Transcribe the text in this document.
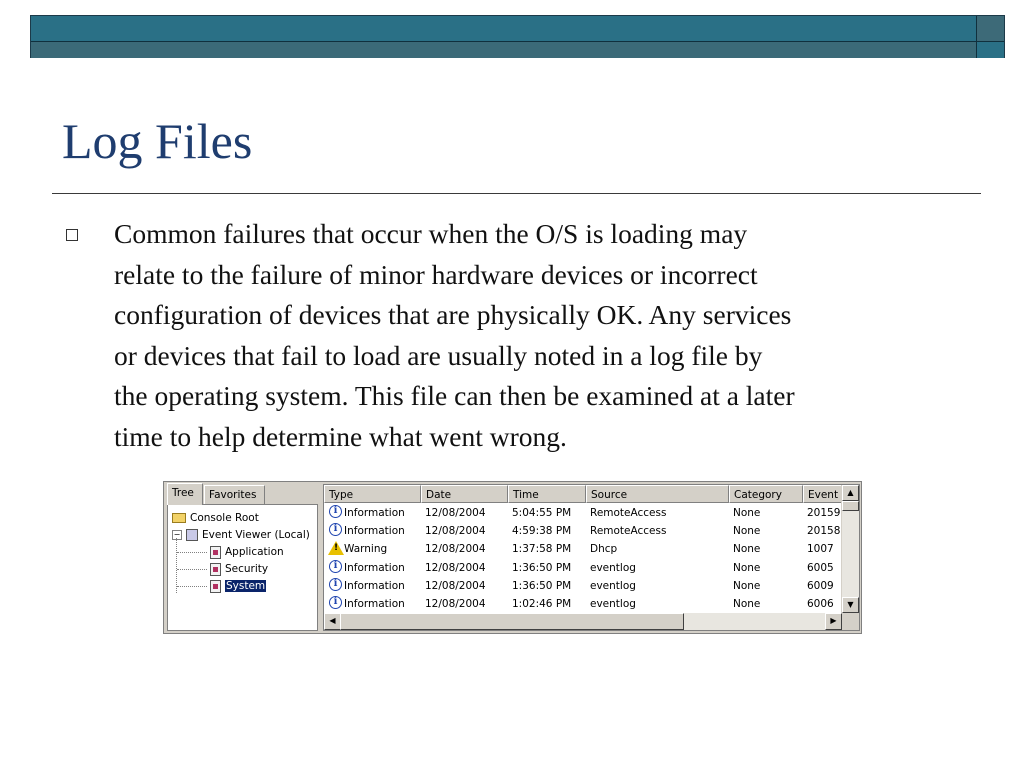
Log Files
Common failures that occur when the O/S is loading may
relate to the failure of minor hardware devices or incorrect
configuration of devices that are physically OK. Any services
or devices that fail to load are usually noted in a log file by
the operating system. This file can then be examined at a later
time to help determine what went wrong.
Tree	Favorites
Console Root
− Event Viewer (Local)
Application
Security
System
Type	Date	Time	Source	Category	Event
i Information	12/08/2004	5:04:55 PM	RemoteAccess	None	20159
i Information	12/08/2004	4:59:38 PM	RemoteAccess	None	20158
! Warning	12/08/2004	1:37:58 PM	Dhcp	None	1007
i Information	12/08/2004	1:36:50 PM	eventlog	None	6005
i Information	12/08/2004	1:36:50 PM	eventlog	None	6009
i Information	12/08/2004	1:02:46 PM	eventlog	None	6006
▲
▼
◀	▶
